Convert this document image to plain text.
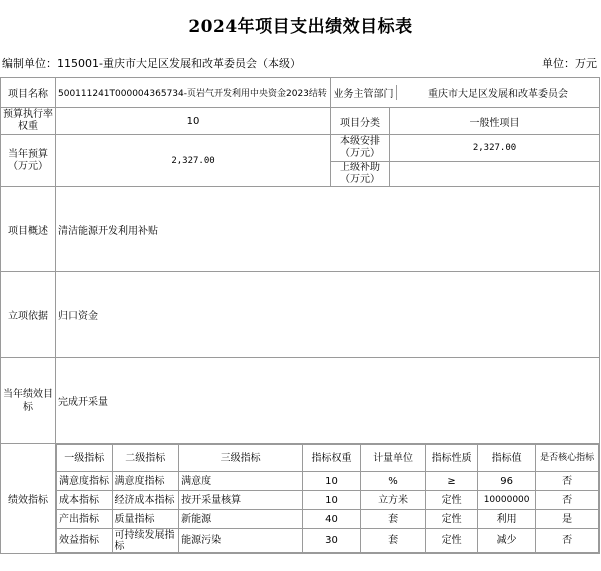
2024年项目支出绩效目标表
编制单位：115001-重庆市大足区发展和改革委员会（本级）	单位：万元
项目名称	500111241T000004365734-页岩气开发利用中央资金2023结转	业务主管部门	重庆市大足区发展和改革委员会

预算执行率权重	10	项目分类	一般性项目
当年预算（万元）	2,327.00	本级安排（万元）	2,327.00
上级补助（万元）	
项目概述	清洁能源开发利用补贴
立项依据	归口资金
当年绩效目标	完成开采量
绩效指标	
一级指标	二级指标	三级指标	指标权重	计量单位	指标性质	指标值	是否核心指标
满意度指标	满意度指标	满意度	10	%	≥	96	否
成本指标	经济成本指标	按开采量核算	10	立方米	定性	10000000	否
产出指标	质量指标	新能源	40	套	定性	利用	是
效益指标	可持续发展指标	能源污染	30	套	定性	减少	否
